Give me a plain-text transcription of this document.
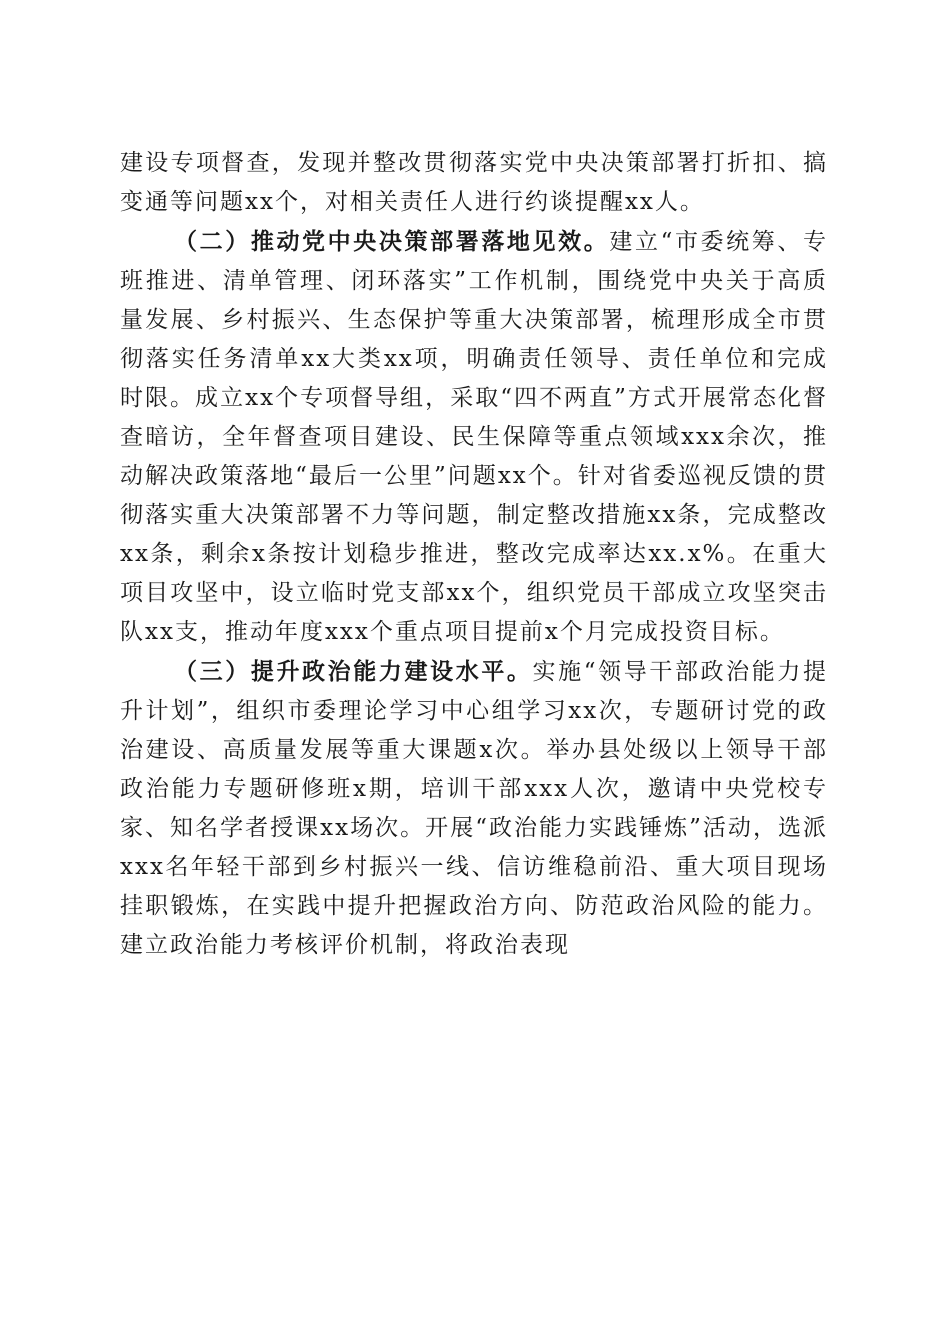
建设专项督查，发现并整改贯彻落实党中央决策部署打折扣、搞变通等问题xx个，对相关责任人进行约谈提醒xx人。

（二）推动党中央决策部署落地见效。建立“市委统筹、专班推进、清单管理、闭环落实”工作机制，围绕党中央关于高质量发展、乡村振兴、生态保护等重大决策部署，梳理形成全市贯彻落实任务清单xx大类xx项，明确责任领导、责任单位和完成时限。成立xx个专项督导组，采取“四不两直”方式开展常态化督查暗访，全年督查项目建设、民生保障等重点领域xxx余次，推动解决政策落地“最后一公里”问题xx个。针对省委巡视反馈的贯彻落实重大决策部署不力等问题，制定整改措施xx条，完成整改xx条，剩余x条按计划稳步推进，整改完成率达xx.x%。在重大项目攻坚中，设立临时党支部xx个，组织党员干部成立攻坚突击队xx支，推动年度xxx个重点项目提前x个月完成投资目标。

（三）提升政治能力建设水平。实施“领导干部政治能力提升计划”，组织市委理论学习中心组学习xx次，专题研讨党的政治建设、高质量发展等重大课题x次。举办县处级以上领导干部政治能力专题研修班x期，培训干部xxx人次，邀请中央党校专家、知名学者授课xx场次。开展“政治能力实践锤炼”活动，选派xxx名年轻干部到乡村振兴一线、信访维稳前沿、重大项目现场挂职锻炼，在实践中提升把握政治方向、防范政治风险的能力。建立政治能力考核评价机制，将政治表现
